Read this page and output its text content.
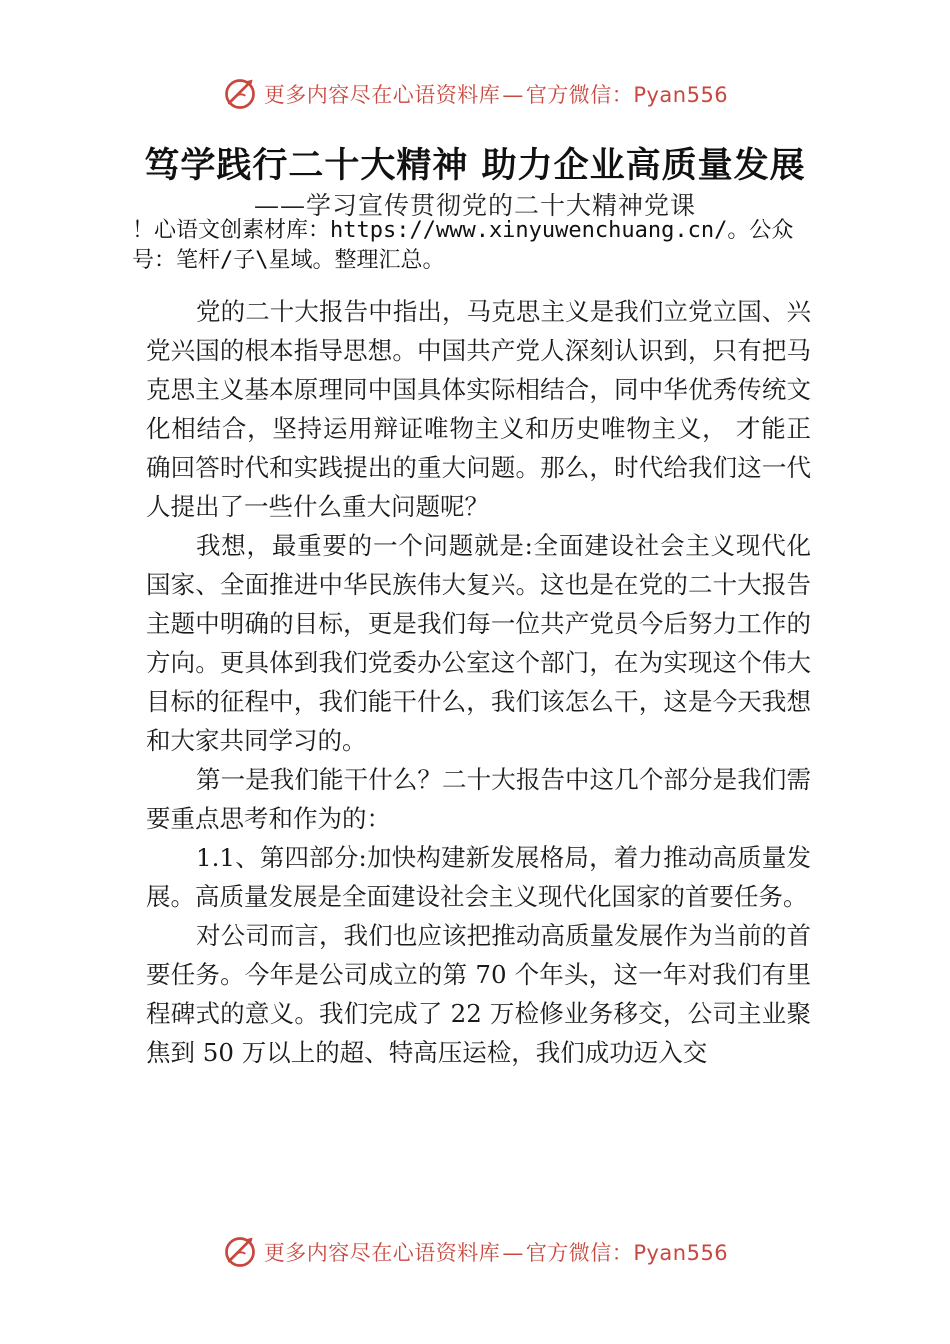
更多内容尽在心语资料库—官方微信：Pyan556
笃学践行二十大精神 助力企业高质量发展
——学习宣传贯彻党的二十大精神党课
！心语文创素材库：https://www.xinyuwenchuang.cn/。公众号：笔杆/子\星域。整理汇总。

党的二十大报告中指出，马克思主义是我们立党立国、兴党兴国的根本指导思想。中国共产党人深刻认识到，只有把马克思主义基本原理同中国具体实际相结合，同中华优秀传统文化相结合，坚持运用辩证唯物主义和历史唯物主义， 才能正确回答时代和实践提出的重大问题。那么，时代给我们这一代人提出了一些什么重大问题呢？

我想，最重要的一个问题就是:全面建设社会主义现代化国家、全面推进中华民族伟大复兴。这也是在党的二十大报告主题中明确的目标，更是我们每一位共产党员今后努力工作的方向。更具体到我们党委办公室这个部门，在为实现这个伟大目标的征程中，我们能干什么，我们该怎么干，这是今天我想和大家共同学习的。

第一是我们能干什么？二十大报告中这几个部分是我们需要重点思考和作为的：

1.1、第四部分:加快构建新发展格局，着力推动高质量发展。高质量发展是全面建设社会主义现代化国家的首要任务。

对公司而言，我们也应该把推动高质量发展作为当前的首要任务。今年是公司成立的第 70 个年头，这一年对我们有里程碑式的意义。我们完成了 22 万检修业务移交，公司主业聚焦到 50 万以上的超、特高压运检，我们成功迈入交

更多内容尽在心语资料库—官方微信：Pyan556
